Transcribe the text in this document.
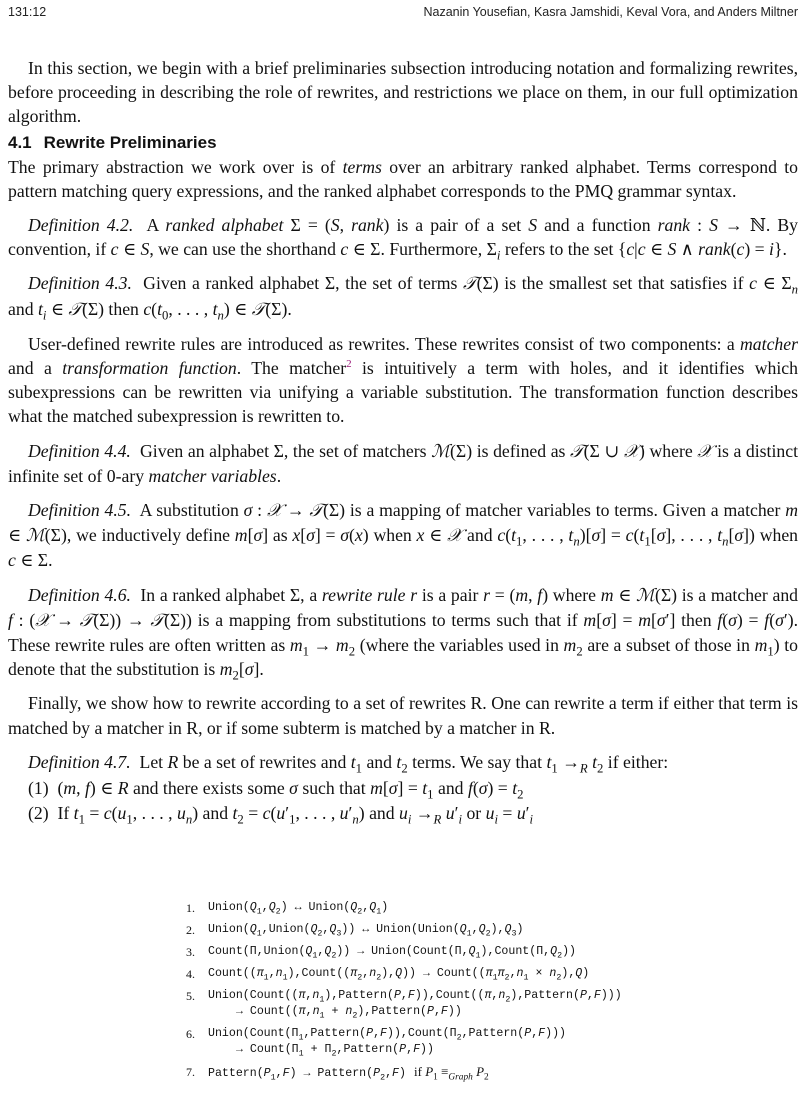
131:12	Nazanin Yousefian, Kasra Jamshidi, Keval Vora, and Anders Miltner

In this section, we begin with a brief preliminaries subsection introducing notation and formalizing rewrites, before proceeding in describing the role of rewrites, and restrictions we place on them, in our full optimization algorithm.

4.1 Rewrite Preliminaries

The primary abstraction we work over is of terms over an arbitrary ranked alphabet. Terms correspond to pattern matching query expressions, and the ranked alphabet corresponds to the PMQ grammar syntax.

Definition 4.2.  A ranked alphabet Σ = (S, rank) is a pair of a set S and a function rank : S → ℕ. By convention, if c ∈ S, we can use the shorthand c ∈ Σ. Furthermore, $\Sigma_i$ refers to the set {c|c ∈ S ∧ rank(c) = i}.

Definition 4.3.  Given a ranked alphabet Σ, the set of terms 𝒯(Σ) is the smallest set that satisfies if c ∈ $\Sigma_n$ and $t_i$ ∈ 𝒯(Σ) then $c(t_0$, . . . , $t_n$) ∈ 𝒯(Σ).

User-defined rewrite rules are introduced as rewrites. These rewrites consist of two components: a matcher and a transformation function. The matcher$^2$ is intuitively a term with holes, and it identifies which subexpressions can be rewritten via unifying a variable substitution. The transformation function describes what the matched subexpression is rewritten to.

Definition 4.4.  Given an alphabet Σ, the set of matchers ℳ(Σ) is defined as 𝒯(Σ ∪ 𝒳) where 𝒳 is a distinct infinite set of 0-ary matcher variables.

Definition 4.5.  A substitution σ : 𝒳 → 𝒯(Σ) is a mapping of matcher variables to terms. Given a matcher m ∈ ℳ(Σ), we inductively define m[σ] as x[σ] = σ(x) when x ∈ 𝒳 and $c(t_1$, . . . , $t_n)[\sigma] = c(t_1[\sigma]$, . . . , $t_n[\sigma]$) when c ∈ Σ.

Definition 4.6.  In a ranked alphabet Σ, a rewrite rule r is a pair r = (m, f) where m ∈ ℳ(Σ) is a matcher and f : (𝒳 → 𝒯(Σ)) → 𝒯(Σ)) is a mapping from substitutions to terms such that if m[σ] = m[σ′] then f(σ) = f(σ′). These rewrite rules are often written as $m_1 \to m_2$ (where the variables used in $m_2$ are a subset of those in $m_1$) to denote that the substitution is $m_2[\sigma]$.

Finally, we show how to rewrite according to a set of rewrites R. One can rewrite a term if either that term is matched by a matcher in R, or if some subterm is matched by a matcher in R.

Definition 4.7.  Let R be a set of rewrites and $t_1$ and $t_2$ terms. We say that $t_1 \to_R$ $t_2$ if either:

(1)  (m, f) ∈ R and there exists some σ such that $m[\sigma] = t_1$ and $f(\sigma) = t_2$
(2)  If $t_1 = c(u_1$, . . . , $u_n$) and $t_2 = c(u'_1$, . . . , $u'_n$) and $u_i \to_R$ $u'_i$ or $u_i = u'_i$
1. $Union(Q_1,Q_2)$ ↔ $Union(Q_2,Q_1)$
2. $Union(Q_1,Union(Q_2,Q_3))$ ↔ $Union(Union(Q_1,Q_2),Q_3)$
3. $Count(\Pi,Union(Q_1,Q_2))$ → $Union(Count(\Pi,Q_1),Count(\Pi,Q_2))$
4. $Count((\pi_1,n_1),Count((\pi_2,n_2),Q))$ → $Count((\pi_1\pi_2,n_1 \times n_2),Q)$
5. $Union(Count((\pi,n_1),Pattern(P,F)),Count((\pi,n_2),Pattern(P,F)))$
→ $Count((\pi,n_1$ + $n_2),Pattern(P,F)$)
6. $Union(Count(\Pi_1,Pattern(P,F)),Count(\Pi_2,Pattern(P,F)))$
→ $Count(\Pi_1$ + $\Pi_2,Pattern(P,F)$)
7. $Pattern(P_1,F)$ → $Pattern(P_2,F)$ if $P_1 \equiv_{Graph}$ $P_2$
